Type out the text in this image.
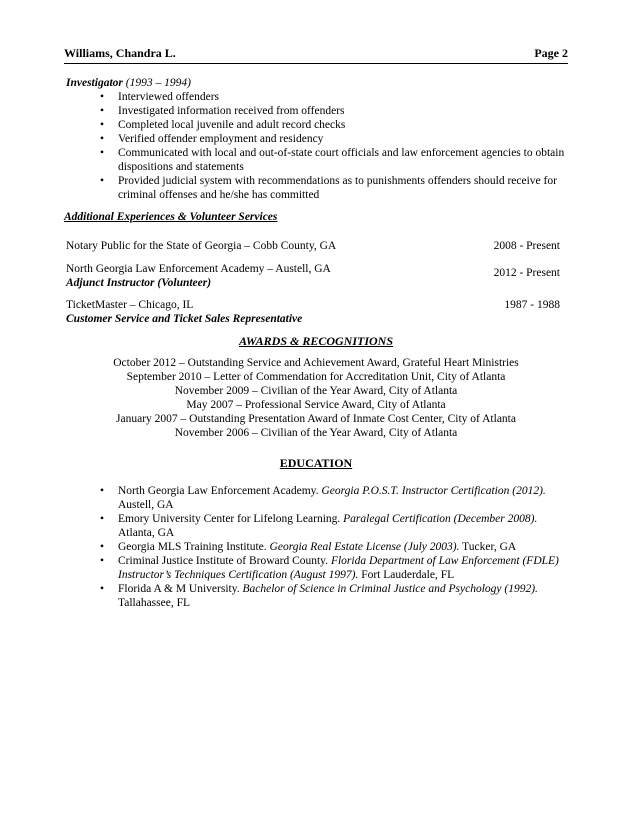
Williams, Chandra L.	Page 2
Investigator (1993 – 1994)
• Interviewed offenders
• Investigated information received from offenders
• Completed local juvenile and adult record checks
• Verified offender employment and residency
• Communicated with local and out-of-state court officials and law enforcement agencies to obtain dispositions and statements
• Provided judicial system with recommendations as to punishments offenders should receive for criminal offenses and he/she has committed
Additional Experiences & Volunteer Services
Notary Public for the State of Georgia – Cobb County, GA	2008 - Present
North Georgia Law Enforcement Academy – Austell, GA
Adjunct Instructor (Volunteer)
2012 - Present
TicketMaster – Chicago, IL
Customer Service and Ticket Sales Representative
1987 - 1988
AWARDS & RECOGNITIONS
October 2012 – Outstanding Service and Achievement Award, Grateful Heart Ministries
September 2010 – Letter of Commendation for Accreditation Unit, City of Atlanta
November 2009 – Civilian of the Year Award, City of Atlanta
May 2007 – Professional Service Award, City of Atlanta
January 2007 – Outstanding Presentation Award of Inmate Cost Center, City of Atlanta
November 2006 – Civilian of the Year Award, City of Atlanta
EDUCATION
• North Georgia Law Enforcement Academy. Georgia P.O.S.T. Instructor Certification (2012).
Austell, GA
• Emory University Center for Lifelong Learning. Paralegal Certification (December 2008).
Atlanta, GA
• Georgia MLS Training Institute. Georgia Real Estate License (July 2003). Tucker, GA
• Criminal Justice Institute of Broward County. Florida Department of Law Enforcement (FDLE) Instructor’s Techniques Certification (August 1997). Fort Lauderdale, FL
• Florida A & M University. Bachelor of Science in Criminal Justice and Psychology (1992).
Tallahassee, FL
